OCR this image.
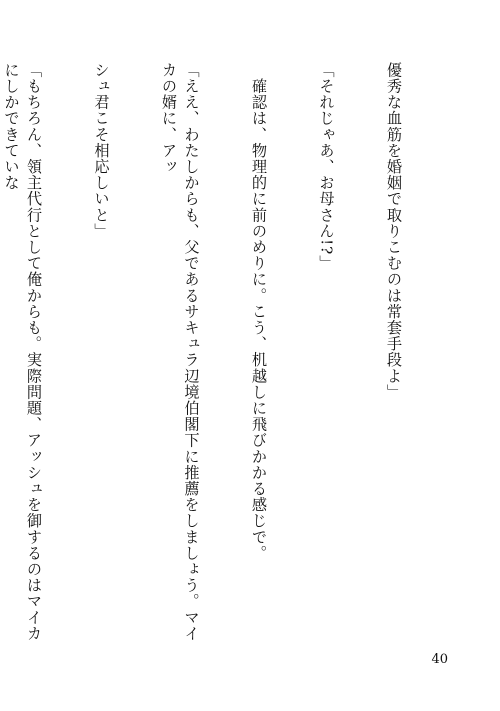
優秀な血筋を婚姻で取りこむのは常套手段よ」

「それじゃあ、お母さん!?」

　確認は、物理的に前のめりに。こう、机越しに飛びかかる感じで。

「ええ、わたしからも、父であるサキュラ辺境伯閣下に推薦をしましょう。マイカの婿に、アッ

シュ君こそ相応しいと」

「もちろん、領主代行として俺からも。実際問題、アッシュを御するのはマイカにしかできていな

40
